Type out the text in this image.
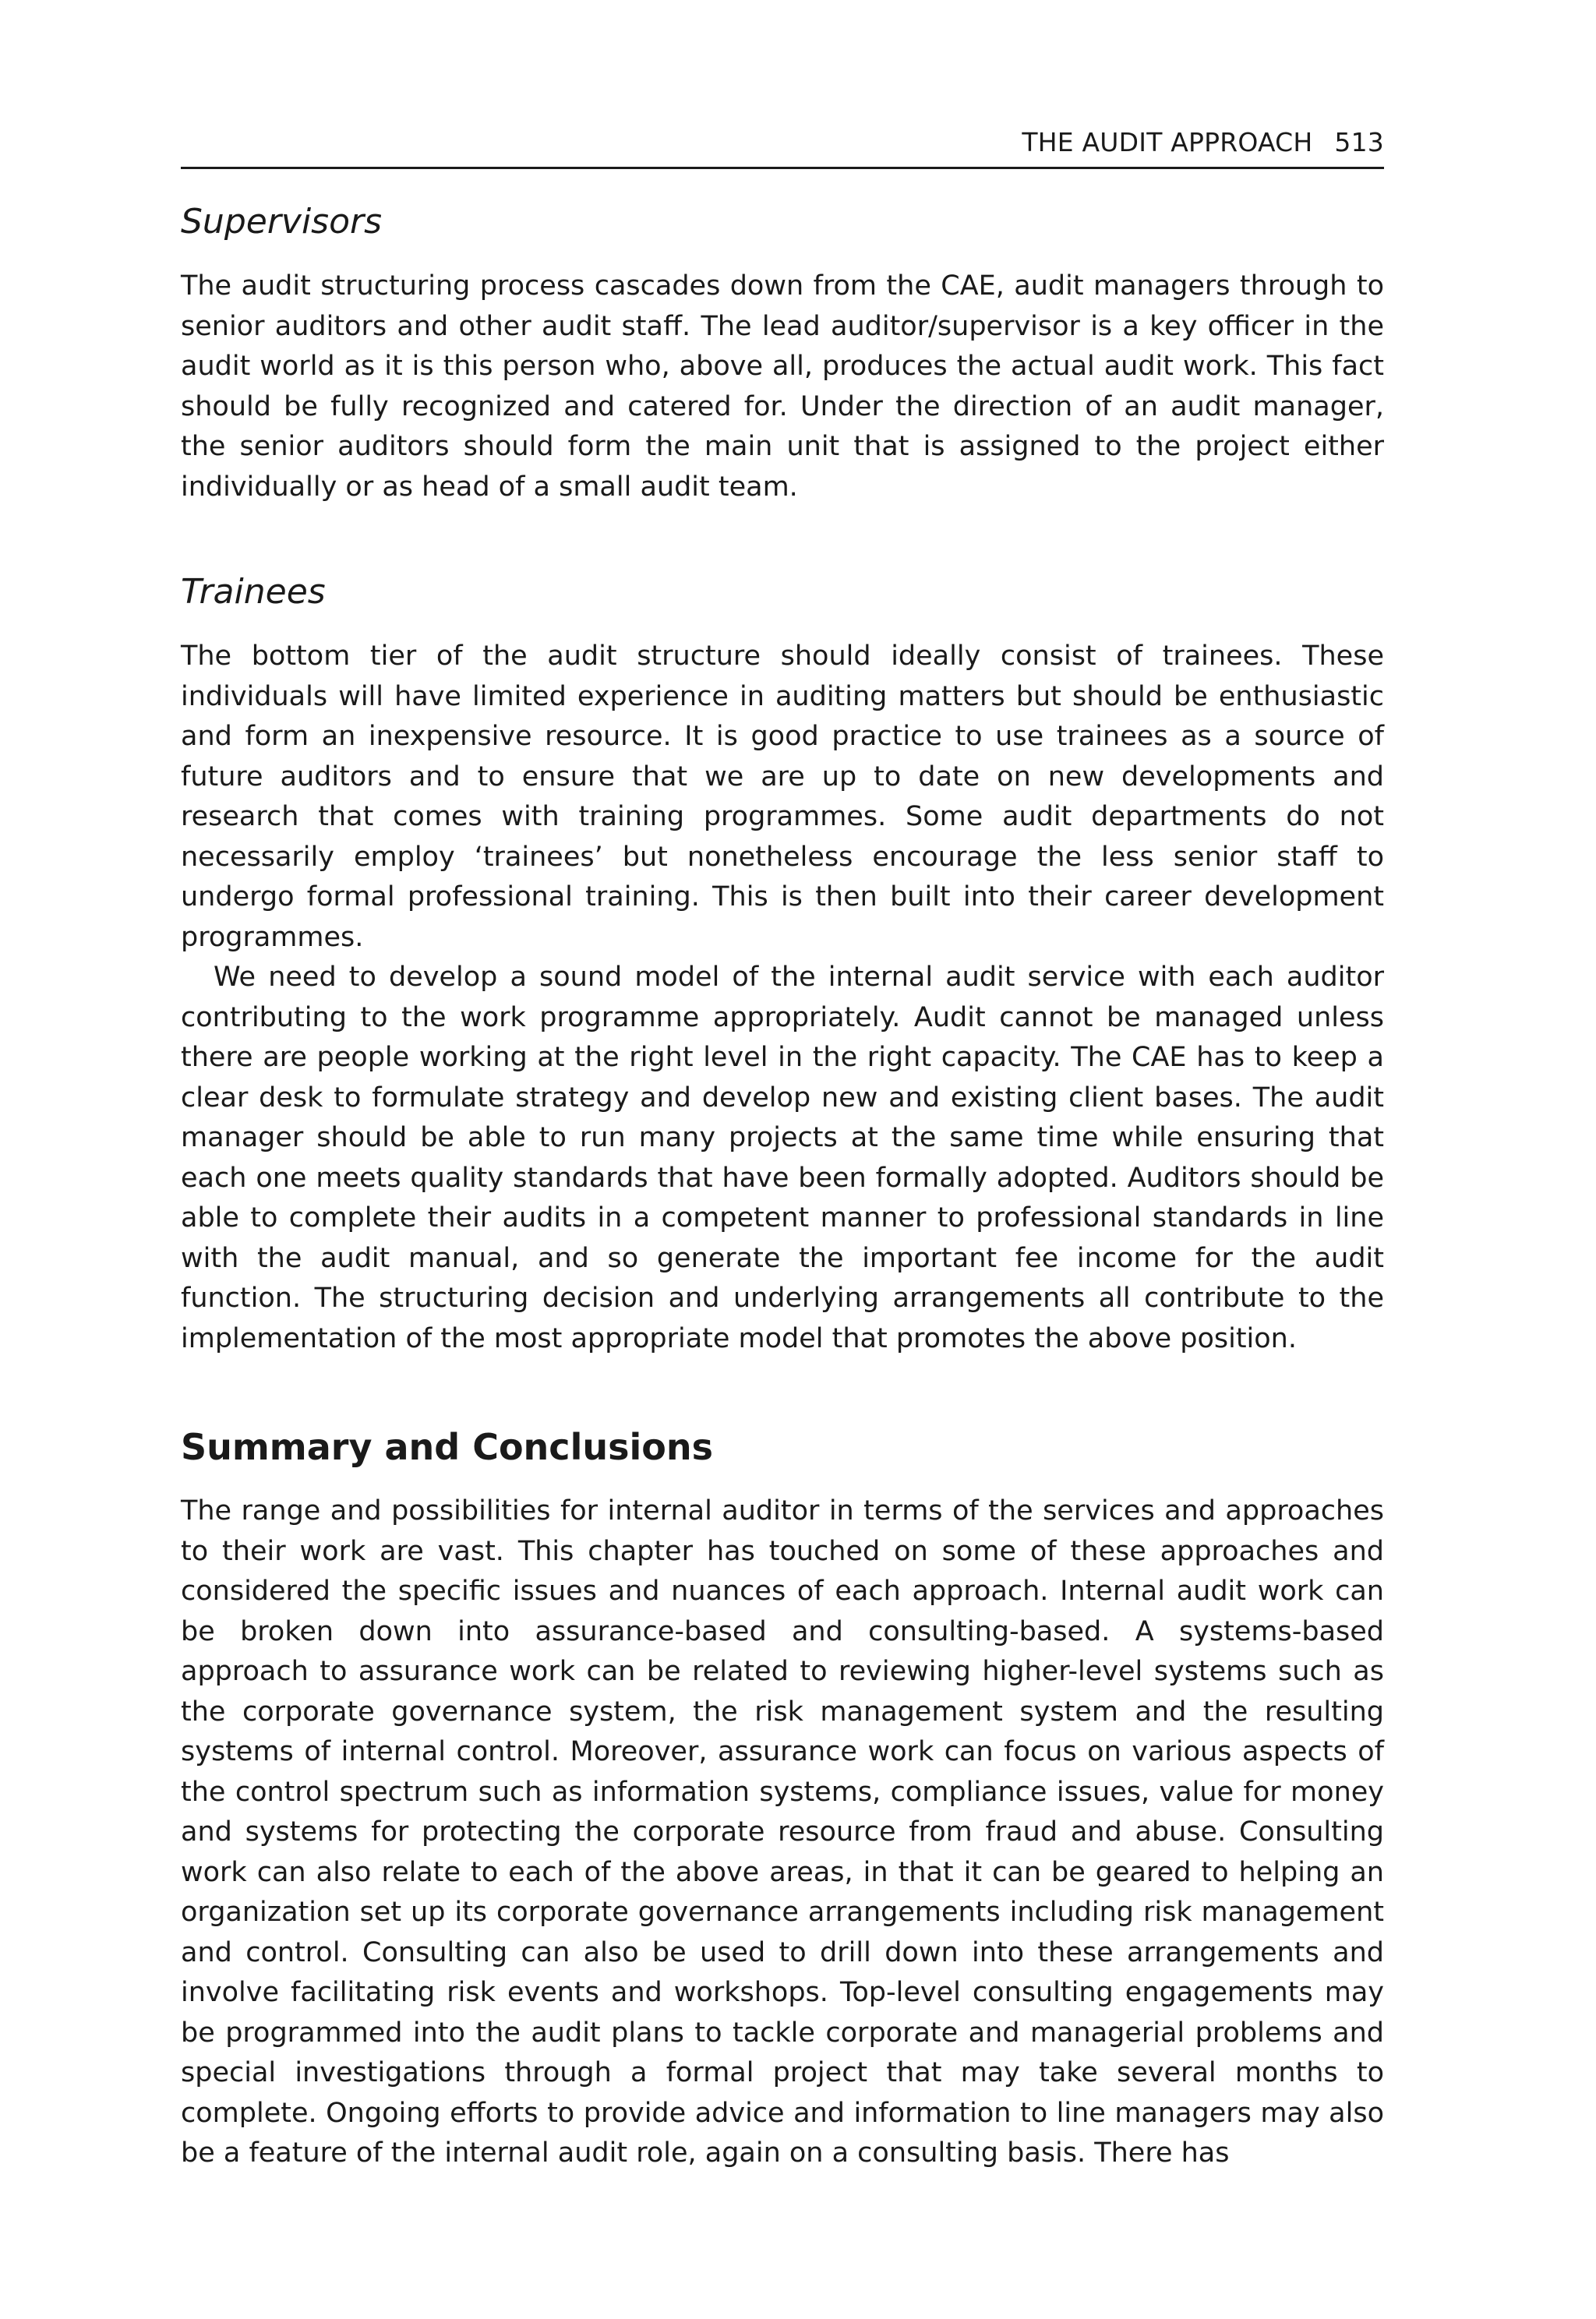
THE AUDIT APPROACH 513
Supervisors

The audit structuring process cascades down from the CAE, audit managers through to senior auditors and other audit staff. The lead auditor/supervisor is a key officer in the audit world as it is this person who, above all, produces the actual audit work. This fact should be fully recognized and catered for. Under the direction of an audit manager, the senior auditors should form the main unit that is assigned to the project either individually or as head of a small audit team.

Trainees

The bottom tier of the audit structure should ideally consist of trainees. These individuals will have limited experience in auditing matters but should be enthusiastic and form an inexpensive resource. It is good practice to use trainees as a source of future auditors and to ensure that we are up to date on new developments and research that comes with training programmes. Some audit departments do not necessarily employ ‘trainees’ but nonetheless encourage the less senior staff to undergo formal professional training. This is then built into their career development programmes.

We need to develop a sound model of the internal audit service with each auditor contributing to the work programme appropriately. Audit cannot be managed unless there are people working at the right level in the right capacity. The CAE has to keep a clear desk to formulate strategy and develop new and existing client bases. The audit manager should be able to run many projects at the same time while ensuring that each one meets quality standards that have been formally adopted. Auditors should be able to complete their audits in a competent manner to professional standards in line with the audit manual, and so generate the important fee income for the audit function. The structuring decision and underlying arrangements all contribute to the implementation of the most appropriate model that promotes the above position.

Summary and Conclusions

The range and possibilities for internal auditor in terms of the services and approaches to their work are vast. This chapter has touched on some of these approaches and considered the specific issues and nuances of each approach. Internal audit work can be broken down into assurance-based and consulting-based. A systems-based approach to assurance work can be related to reviewing higher-level systems such as the corporate governance system, the risk management system and the resulting systems of internal control. Moreover, assurance work can focus on various aspects of the control spectrum such as information systems, compliance issues, value for money and systems for protecting the corporate resource from fraud and abuse. Consulting work can also relate to each of the above areas, in that it can be geared to helping an organization set up its corporate governance arrangements including risk management and control. Consulting can also be used to drill down into these arrangements and involve facilitating risk events and workshops. Top-level consulting engagements may be programmed into the audit plans to tackle corporate and managerial problems and special investigations through a formal project that may take several months to complete. Ongoing efforts to provide advice and information to line managers may also be a feature of the internal audit role, again on a consulting basis. There has
